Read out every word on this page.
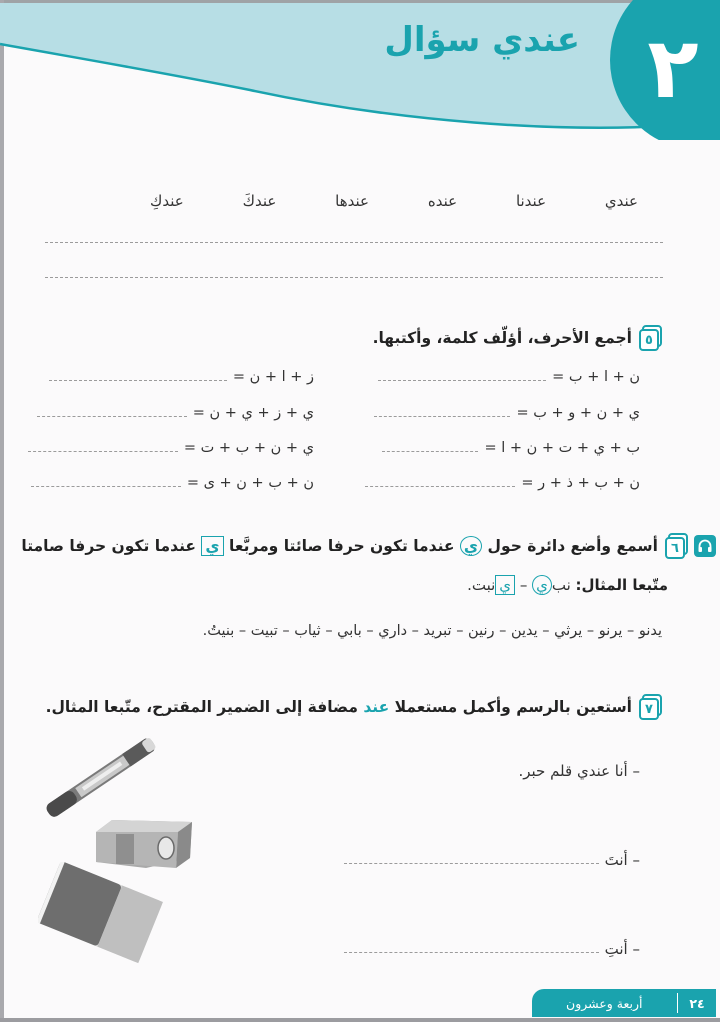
٢
عندي سؤال
عندي
عندنا
عنده
عندها
عندكَ
عندكِ
٥
أجمع الأحرف، أؤلّف كلمة، وأكتبها.
ن + ا + ب =
ي + ن + و + ب =
ب + ي + ت + ن + ا =
ن + ب + ذ + ر =
ز + ا + ن =
ي + ز + ي + ن =
ي + ن + ب + ت =
ن + ب + ن + ى =
٦
أسمع وأضع دائرة حول ي عندما تكون حرفا صائتا ومربَّعا ي عندما تكون حرفا صامتا
متّبعا المثال: نبي – ينبت.
يدنو – يرنو – يرثي – يدين – رنين – تبريد – داري – بابي – ثياب – تبيت – بنيتُ.
٧
أستعين بالرسم وأكمل مستعملا عند مضافة إلى الضمير المقترح، متّبعا المثال.
– أنا عندي قلم حبر.
– أنتَ
– أنتِ
٢٤
أربعة وعشرون
